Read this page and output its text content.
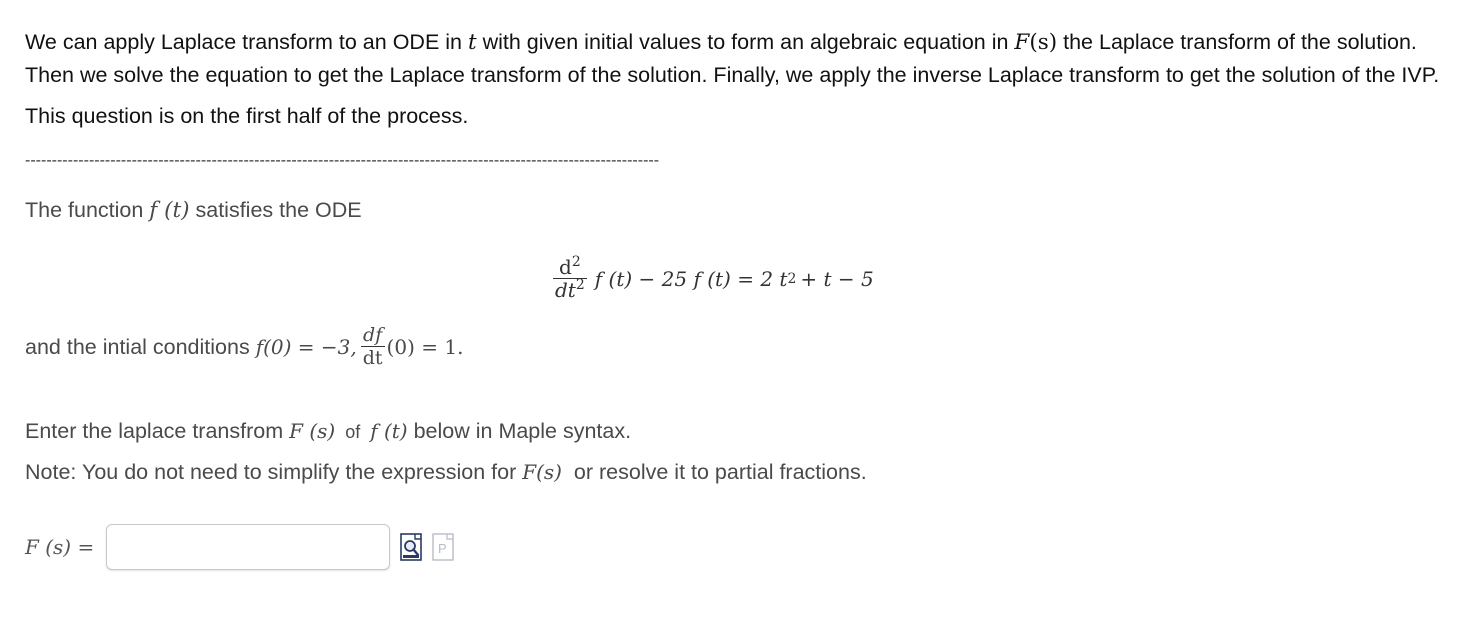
We can apply Laplace transform to an ODE in t with given initial values to form an algebraic equation in F(s) the Laplace transform of the solution. Then we solve the equation to get the Laplace transform of the solution. Finally, we apply the inverse Laplace transform to get the solution of the IVP.

This question is on the first half of the process.

-----------------------------------------------------------------------------------------------------------------------
The function f (t) satisfies the ODE
$\frac{d^2}{dt^2}$ f (t) − 25 f (t) = 2 t 2 + t − 5
and the intial conditions f(0) = −3, $\frac{df}{dt} (0) = 1$.
Enter the laplace transfrom F (s) of f (t) below in Maple syntax.
Note: You do not need to simplify the expression for F(s) or resolve it to partial fractions.
F (s) =	P
